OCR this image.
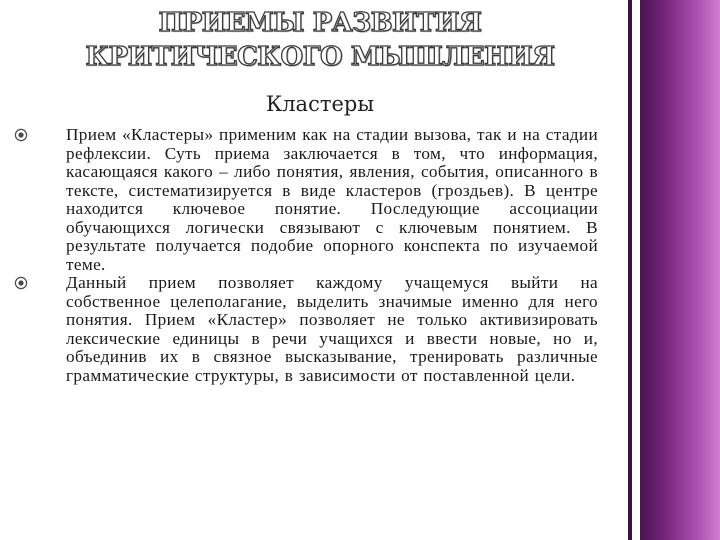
ПРИЕМЫ РАЗВИТИЯ
КРИТИЧЕСКОГО МЫШЛЕНИЯ
Кластеры
Прием «Кластеры» применим как на стадии вызова, так и на стадии рефлексии. Суть приема заключается в том, что информация, касающаяся какого – либо понятия, явления, события, описанного в тексте, систематизируется в виде кластеров (гроздьев). В центре находится ключевое понятие. Последующие ассоциации обучающихся логически связывают с ключевым понятием. В результате получается подобие опорного конспекта по изучаемой теме.
Данный прием позволяет каждому учащемуся выйти на собственное целеполагание, выделить значимые именно для него понятия. Прием «Кластер» позволяет не только активизировать лексические единицы в речи учащихся и ввести новые, но и, объединив их в связное высказывание, тренировать различные грамматические структуры, в зависимости от поставленной цели.
